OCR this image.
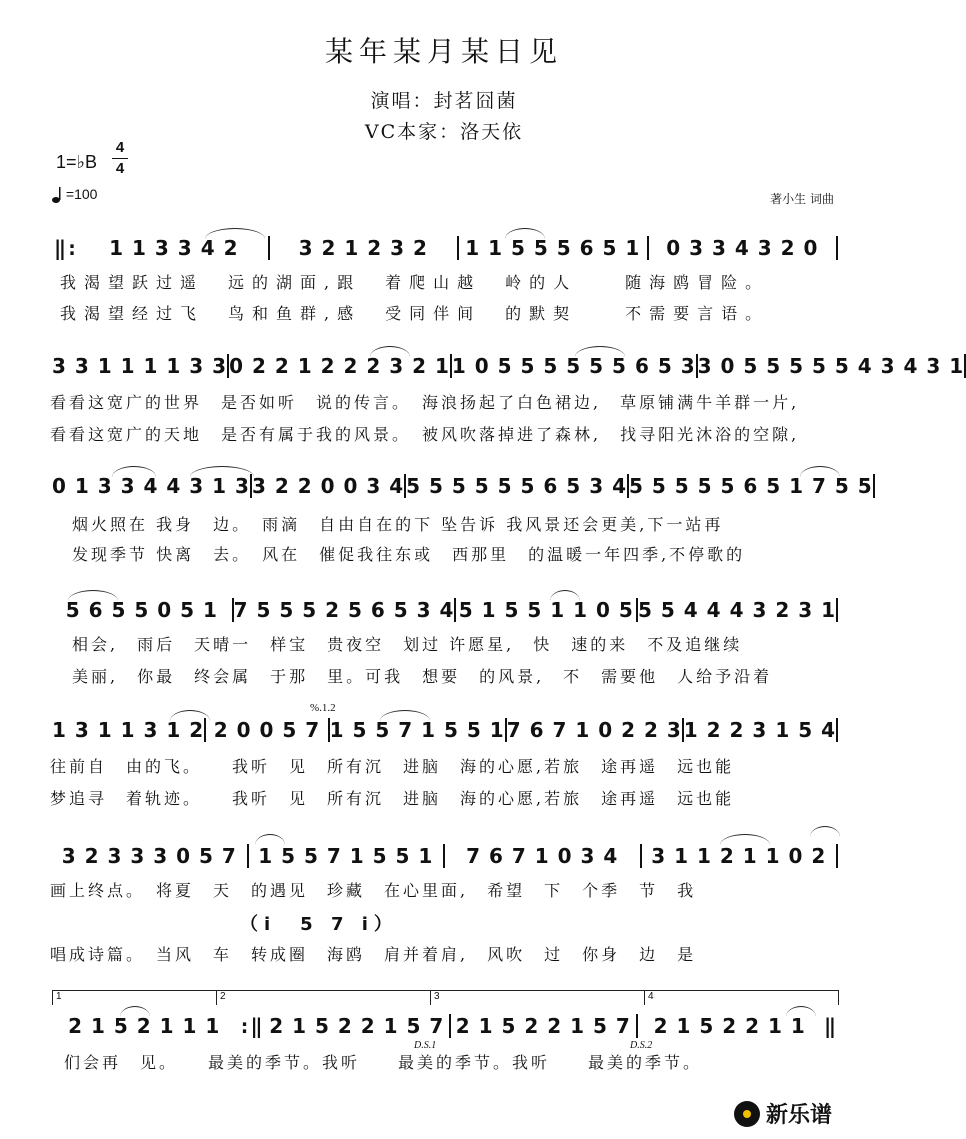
某年某月某日见
演唱：封茗囧菌
VC本家：洛天依
1=♭B $\frac{4}{4}$
=100	著小生 词曲
‖:	1 1 3 3 4 2	3 2 1 2 3 2	1 1 5 5 5 6 5 1	0 3 3 4 3 2 0
我渴望跃过遥　远的湖面,跟　着爬山越　岭的人　　随海鸥冒险。
我渴望经过飞　鸟和鱼群,感　受同伴间　的默契　　不需要言语。
3 3 1 1 1 1 3 3 0 2 2 1 2 2 2 3 2 1 1 0 5 5 5 5 5 5 6 5 3 3 0 5 5 5 5 5 4 3 4 3 1
看看这宽广的世界　是否如听　说的传言。　海浪扬起了白色裙边,　草原铺满牛羊群一片,
看看这宽广的天地　是否有属于我的风景。　被风吹落掉进了森林,　找寻阳光沐浴的空隙,
0 1 3 3 4 4 3 1 3 3 2 2 0 0 3 4 5 5 5 5 5 5 6 5 3 4 5 5 5 5 5 6 5 1 7 5 5
烟火照在 我身　边。　雨滴　自由自在的下 坠告诉 我风景还会更美,下一站再
发现季节 快离　去。　风在　催促我往东或　西那里　的温暖一年四季,不停歌的
5 6 5 5 0 5 1 7 5 5 5 2 5 6 5 3 4 5 1 5 5 1 1 0 5 5 5 4 4 4 3 2 3 1
相会,　雨后　天晴一　样宝　贵夜空　划过 许愿星,　快　速的来　不及追继续
美丽,　你最　终会属　于那　里。可我　想要　的风景,　不　需要他　人给予沿着
%.1.2
1 3 1 1 3 1 2 2 0 0 5 7 1 5 5 7 1 5 5 1 7 6 7 1 0 2 2 3 1 2 2 3 1 5 4
往前自　由的飞。　　我听　见　所有沉　进脑　海的心愿,若旅　途再遥　远也能
梦追寻　着轨迹。　　我听　见　所有沉　进脑　海的心愿,若旅　途再遥　远也能
3 2 3 3 3 0 5 7	1 5 5 7 1 5 5 1	7 6 7 1 0 3 4	3 1 1 2 1 1 0 2
画上终点。　将夏　天　的遇见　珍藏　在心里面,　希望　下　个季　节　我
（i　5 7 i）
唱成诗篇。　当风　车　转成圈　海鸥　肩并着肩,　风吹　过　你身　边　是
1	2	3	4
2 1 5 2 1 1 1 :‖ 2 1 5 2 2 1 5 7 2 1 5 2 2 1 5 7	2 1 5 2 2 1 1 ‖
D.S.1	D.S.2
们会再　见。　　最美的季节。我听　　最美的季节。我听　　最美的季节。
新乐谱
